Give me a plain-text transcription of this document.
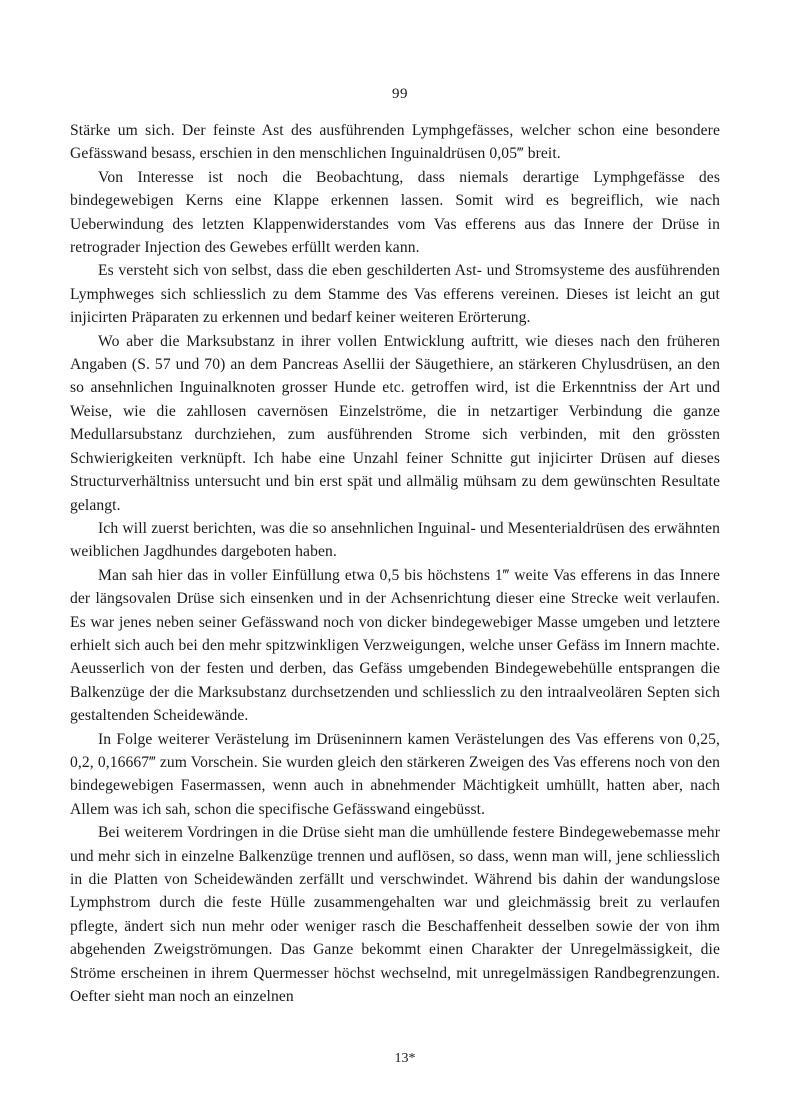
99

Stärke um sich. Der feinste Ast des ausführenden Lymphgefässes, welcher schon eine besondere Gefässwand besass, erschien in den menschlichen Inguinaldrüsen 0,05‴ breit.

Von Interesse ist noch die Beobachtung, dass niemals derartige Lymphgefässe des bindegewebigen Kerns eine Klappe erkennen lassen. Somit wird es begreiflich, wie nach Ueberwindung des letzten Klappenwiderstandes vom Vas efferens aus das Innere der Drüse in retrograder Injection des Gewebes erfüllt werden kann.

Es versteht sich von selbst, dass die eben geschilderten Ast- und Stromsysteme des ausführenden Lymphweges sich schliesslich zu dem Stamme des Vas efferens vereinen. Dieses ist leicht an gut injicirten Präparaten zu erkennen und bedarf keiner weiteren Erörterung.

Wo aber die Marksubstanz in ihrer vollen Entwicklung auftritt, wie dieses nach den früheren Angaben (S. 57 und 70) an dem Pancreas Asellii der Säugethiere, an stärkeren Chylusdrüsen, an den so ansehnlichen Inguinalknoten grosser Hunde etc. getroffen wird, ist die Erkenntniss der Art und Weise, wie die zahllosen cavernösen Einzelströme, die in netzartiger Verbindung die ganze Medullarsubstanz durchziehen, zum ausführenden Strome sich verbinden, mit den grössten Schwierigkeiten verknüpft. Ich habe eine Unzahl feiner Schnitte gut injicirter Drüsen auf dieses Structurverhältniss untersucht und bin erst spät und allmälig mühsam zu dem gewünschten Resultate gelangt.

Ich will zuerst berichten, was die so ansehnlichen Inguinal- und Mesenterialdrüsen des erwähnten weiblichen Jagdhundes dargeboten haben.

Man sah hier das in voller Einfüllung etwa 0,5 bis höchstens 1‴ weite Vas efferens in das Innere der längsovalen Drüse sich einsenken und in der Achsenrichtung dieser eine Strecke weit verlaufen. Es war jenes neben seiner Gefässwand noch von dicker bindegewebiger Masse umgeben und letztere erhielt sich auch bei den mehr spitzwinkligen Verzweigungen, welche unser Gefäss im Innern machte. Aeusserlich von der festen und derben, das Gefäss umgebenden Bindegewebehülle entsprangen die Balkenzüge der die Marksubstanz durchsetzenden und schliesslich zu den intraalveolären Septen sich gestaltenden Scheidewände.

In Folge weiterer Verästelung im Drüseninnern kamen Verästelungen des Vas efferens von 0,25, 0,2, 0,16667‴ zum Vorschein. Sie wurden gleich den stärkeren Zweigen des Vas efferens noch von den bindegewebigen Fasermassen, wenn auch in abnehmender Mächtigkeit umhüllt, hatten aber, nach Allem was ich sah, schon die specifische Gefässwand eingebüsst.

Bei weiterem Vordringen in die Drüse sieht man die umhüllende festere Bindegewebemasse mehr und mehr sich in einzelne Balkenzüge trennen und auflösen, so dass, wenn man will, jene schliesslich in die Platten von Scheidewänden zerfällt und verschwindet. Während bis dahin der wandungslose Lymphstrom durch die feste Hülle zusammengehalten war und gleichmässig breit zu verlaufen pflegte, ändert sich nun mehr oder weniger rasch die Beschaffenheit desselben sowie der von ihm abgehenden Zweigströmungen. Das Ganze bekommt einen Charakter der Unregelmässigkeit, die Ströme erscheinen in ihrem Quermesser höchst wechselnd, mit unregelmässigen Randbegrenzungen. Oefter sieht man noch an einzelnen

13*
